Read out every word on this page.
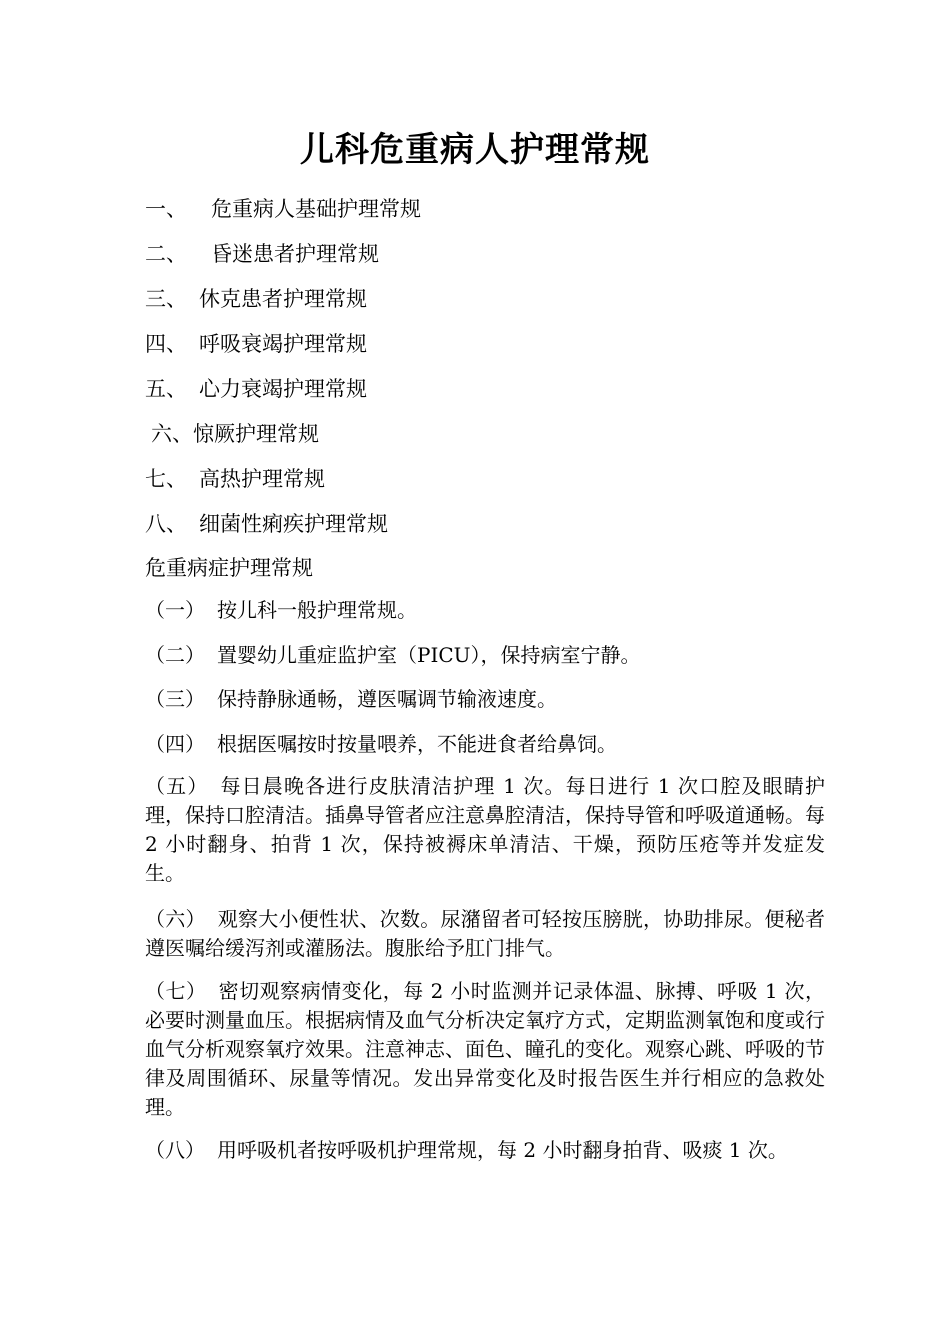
儿科危重病人护理常规
一、 危重病人基础护理常规
二、 昏迷患者护理常规
三、 休克患者护理常规
四、 呼吸衰竭护理常规
五、 心力衰竭护理常规
六、惊厥护理常规
七、 高热护理常规
八、 细菌性痢疾护理常规
危重病症护理常规
（一） 按儿科一般护理常规。
（二） 置婴幼儿重症监护室（PICU），保持病室宁静。
（三） 保持静脉通畅，遵医嘱调节输液速度。
（四） 根据医嘱按时按量喂养，不能进食者给鼻饲。
（五） 每日晨晚各进行皮肤清洁护理 1 次。每日进行 1 次口腔及眼睛护理，保持口腔清洁。插鼻导管者应注意鼻腔清洁，保持导管和呼吸道通畅。每 2 小时翻身、拍背 1 次，保持被褥床单清洁、干燥，预防压疮等并发症发生。
（六） 观察大小便性状、次数。尿潴留者可轻按压膀胱，协助排尿。便秘者遵医嘱给缓泻剂或灌肠法。腹胀给予肛门排气。
（七） 密切观察病情变化，每 2 小时监测并记录体温、脉搏、呼吸 1 次，必要时测量血压。根据病情及血气分析决定氧疗方式，定期监测氧饱和度或行血气分析观察氧疗效果。注意神志、面色、瞳孔的变化。观察心跳、呼吸的节律及周围循环、尿量等情况。发出异常变化及时报告医生并行相应的急救处理。
（八） 用呼吸机者按呼吸机护理常规，每 2 小时翻身拍背、吸痰 1 次。
